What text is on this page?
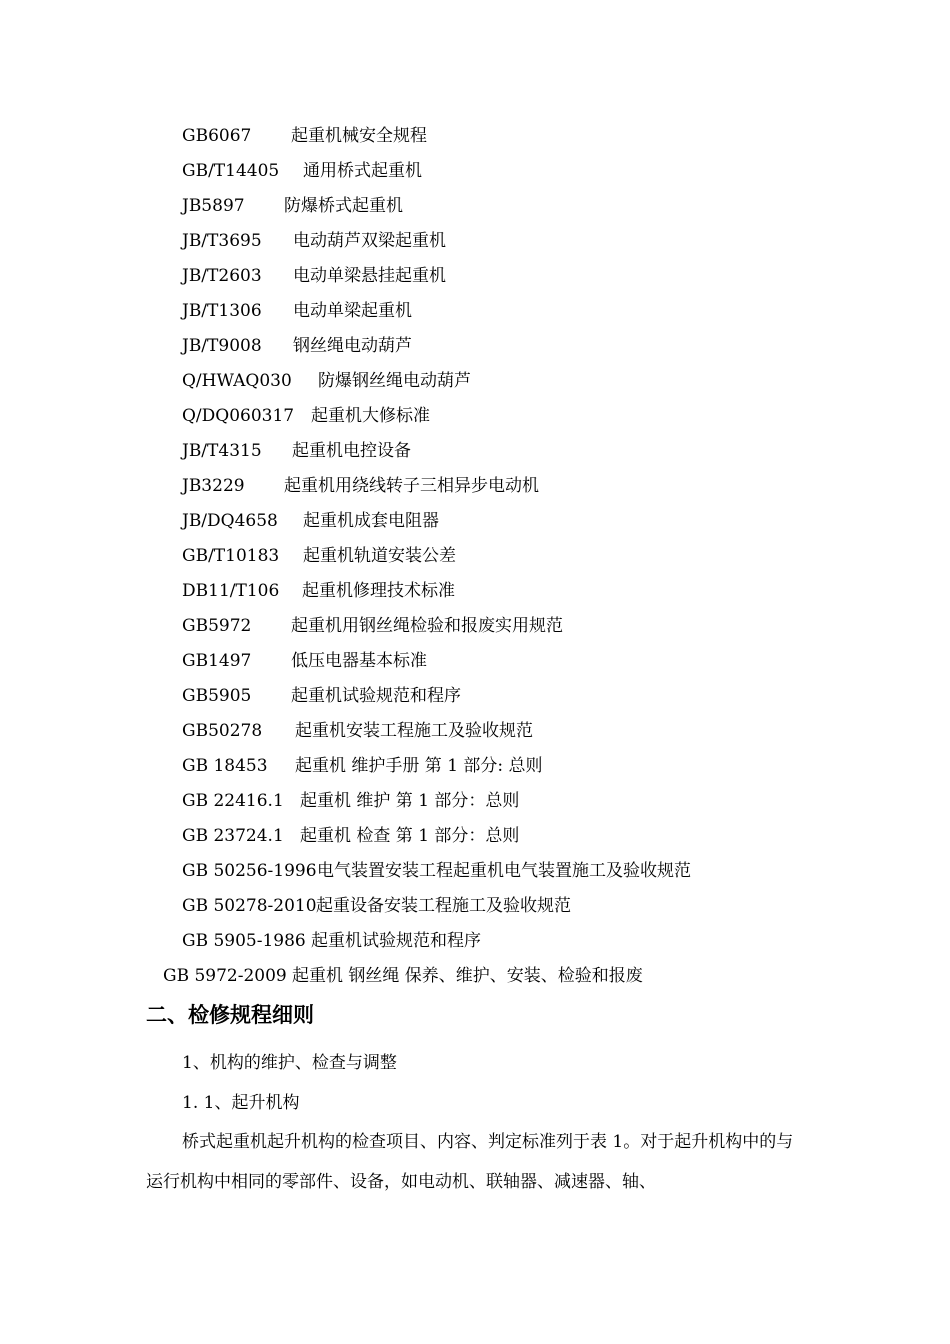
GB6067 起重机械安全规程
GB/T14405 通用桥式起重机
JB5897 防爆桥式起重机
JB/T3695 电动葫芦双梁起重机
JB/T2603 电动单梁悬挂起重机
JB/T1306 电动单梁起重机
JB/T9008 钢丝绳电动葫芦
Q/HWAQ030 防爆钢丝绳电动葫芦
Q/DQ060317 起重机大修标准
JB/T4315 起重机电控设备
JB3229 起重机用绕线转子三相异步电动机
JB/DQ4658 起重机成套电阻器
GB/T10183 起重机轨道安装公差
DB11/T106 起重机修理技术标准
GB5972 起重机用钢丝绳检验和报废实用规范
GB1497 低压电器基本标准
GB5905 起重机试验规范和程序
GB50278 起重机安装工程施工及验收规范
GB 18453 起重机 维护手册 第 1 部分: 总则
GB 22416.1 起重机 维护 第 1 部分：总则
GB 23724.1 起重机 检查 第 1 部分：总则
GB 50256-1996电气装置安装工程起重机电气装置施工及验收规范
GB 50278-2010起重设备安装工程施工及验收规范
GB 5905-1986 起重机试验规范和程序
GB 5972-2009 起重机 钢丝绳 保养、维护、安装、检验和报废
二、检修规程细则
1、机构的维护、检查与调整
1. 1、起升机构
桥式起重机起升机构的检查项目、内容、判定标准列于表 1。对于起升机构中的与运行机构中相同的零部件、设备，如电动机、联轴器、减速器、轴、
